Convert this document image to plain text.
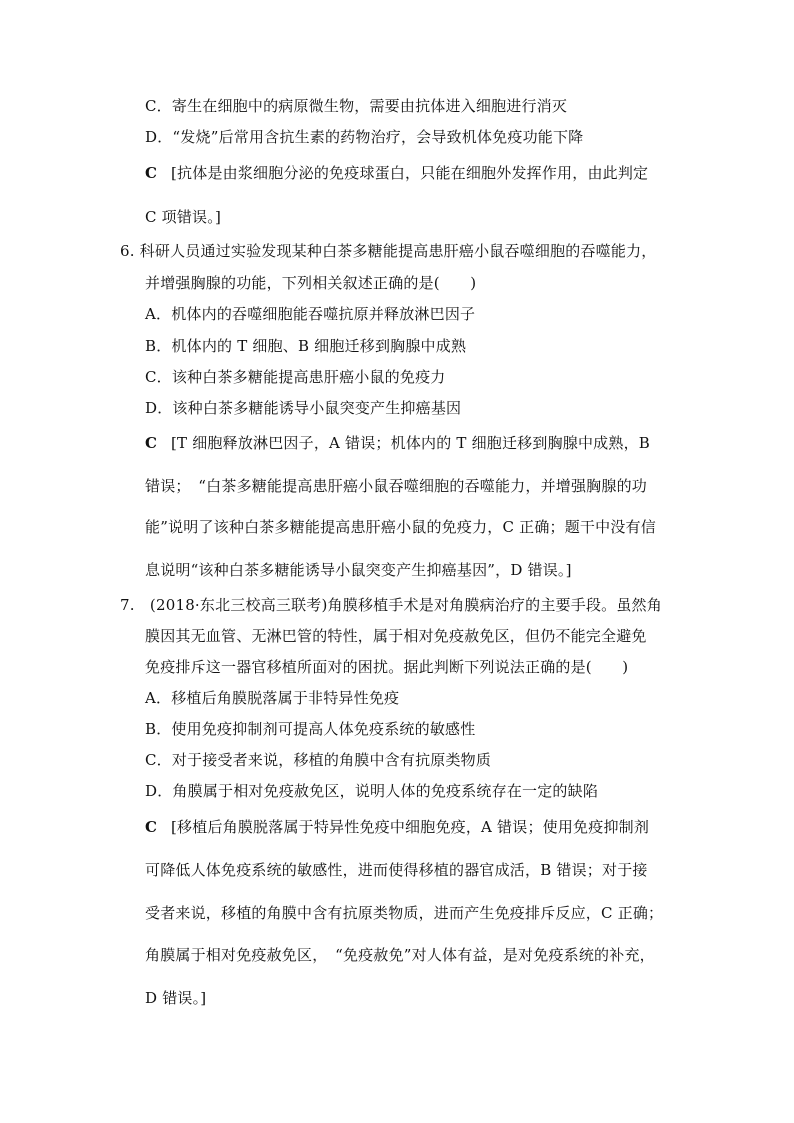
C．寄生在细胞中的病原微生物，需要由抗体进入细胞进行消灭
D．“发烧”后常用含抗生素的药物治疗，会导致机体免疫功能下降
C [抗体是由浆细胞分泌的免疫球蛋白，只能在细胞外发挥作用，由此判定
C 项错误。]
6. 科研人员通过实验发现某种白茶多糖能提高患肝癌小鼠吞噬细胞的吞噬能力，
并增强胸腺的功能，下列相关叙述正确的是(　　)
A．机体内的吞噬细胞能吞噬抗原并释放淋巴因子
B．机体内的 T 细胞、B 细胞迁移到胸腺中成熟
C．该种白茶多糖能提高患肝癌小鼠的免疫力
D．该种白茶多糖能诱导小鼠突变产生抑癌基因
C [T 细胞释放淋巴因子，A 错误；机体内的 T 细胞迁移到胸腺中成熟，B
错误；　“白茶多糖能提高患肝癌小鼠吞噬细胞的吞噬能力，并增强胸腺的功
能”说明了该种白茶多糖能提高患肝癌小鼠的免疫力，C 正确；题干中没有信
息说明“该种白茶多糖能诱导小鼠突变产生抑癌基因”，D 错误。]
7.　(2018·东北三校高三联考)角膜移植手术是对角膜病治疗的主要手段。虽然角
膜因其无血管、无淋巴管的特性，属于相对免疫赦免区，但仍不能完全避免
免疫排斥这一器官移植所面对的困扰。据此判断下列说法正确的是(　　)
A．移植后角膜脱落属于非特异性免疫
B．使用免疫抑制剂可提高人体免疫系统的敏感性
C．对于接受者来说，移植的角膜中含有抗原类物质
D．角膜属于相对免疫赦免区，说明人体的免疫系统存在一定的缺陷
C [移植后角膜脱落属于特异性免疫中细胞免疫，A 错误；使用免疫抑制剂
可降低人体免疫系统的敏感性，进而使得移植的器官成活，B 错误；对于接
受者来说，移植的角膜中含有抗原类物质，进而产生免疫排斥反应，C 正确；
角膜属于相对免疫赦免区，　“免疫赦免”对人体有益，是对免疫系统的补充，
D 错误。]
